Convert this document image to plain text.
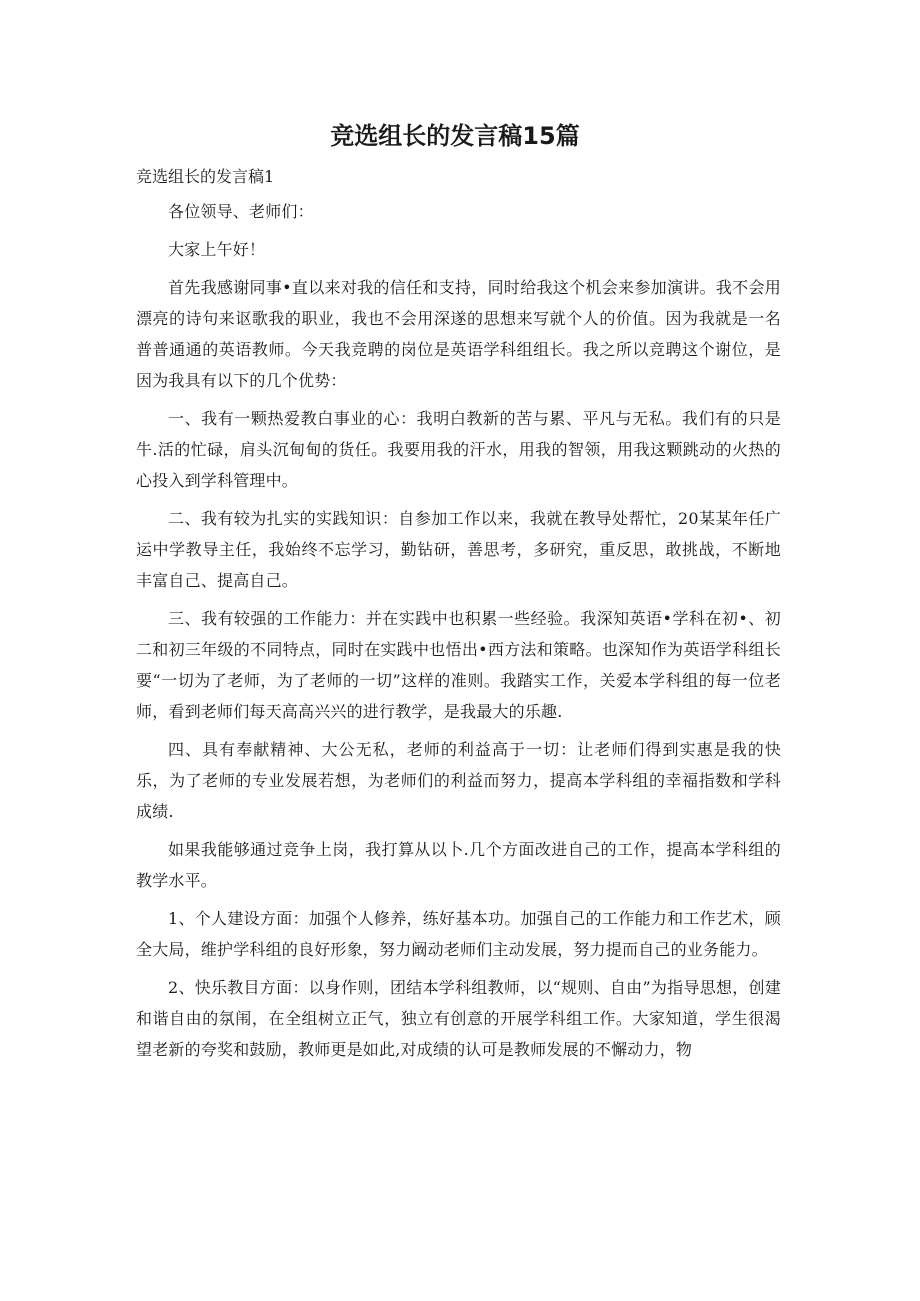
竞选组长的发言稿15篇
竞选组长的发言稿1

各位领导、老师们：

大家上午好！

首先我感谢同事•直以来对我的信任和支持，同时给我这个机会来参加演讲。我不会用漂亮的诗句来讴歌我的职业，我也不会用深遂的思想来写就个人的价值。因为我就是一名普普通通的英语教师。今天我竞聘的岗位是英语学科组组长。我之所以竞聘这个谢位，是因为我具有以下的几个优势：

一、我有一颗热爱教白事业的心：我明白教新的苦与累、平凡与无私。我们有的只是牛.活的忙碌，肩头沉甸甸的货任。我要用我的汗水，用我的智领，用我这颗跳动的火热的心投入到学科管理中。

二、我有较为扎实的实践知识：自参加工作以来，我就在教导处帮忙，20某某年任广运中学教导主任，我始终不忘学习，勤钻研，善思考，多研究，重反思，敢挑战，不断地丰富自己、提高自己。

三、我有较强的工作能力：并在实践中也积累一些经验。我深知英语•学科在初•、初二和初三年级的不同特点，同时在实践中也悟出•西方法和策略。也深知作为英语学科组长要“一切为了老师，为了老师的一切”这样的准则。我踏实工作，关爱本学科组的每一位老师，看到老师们每天高高兴兴的进行教学，是我最大的乐趣.

四、具有奉献精神、大公无私，老师的利益高于一切：让老师们得到实惠是我的快乐，为了老师的专业发展若想，为老师们的利益而努力，提高本学科组的幸福指数和学科成绩.

如果我能够通过竞争上岗，我打算从以卜.几个方面改进自己的工作，提高本学科组的教学水平。

1、个人建设方面：加强个人修养，练好基本功。加强自己的工作能力和工作艺术，顾全大局，维护学科组的良好形象，努力阚动老师们主动发展，努力提而自己的业务能力。

2、快乐教目方面：以身作则，团结本学科组教师，以“规则、自由”为指导思想，创建和谐自由的氛闱，在全组树立正气，独立有创意的开展学科组工作。大家知道，学生很渴望老新的夸奖和鼓励，教师更是如此,对成绩的认可是教师发展的不懈动力，物
